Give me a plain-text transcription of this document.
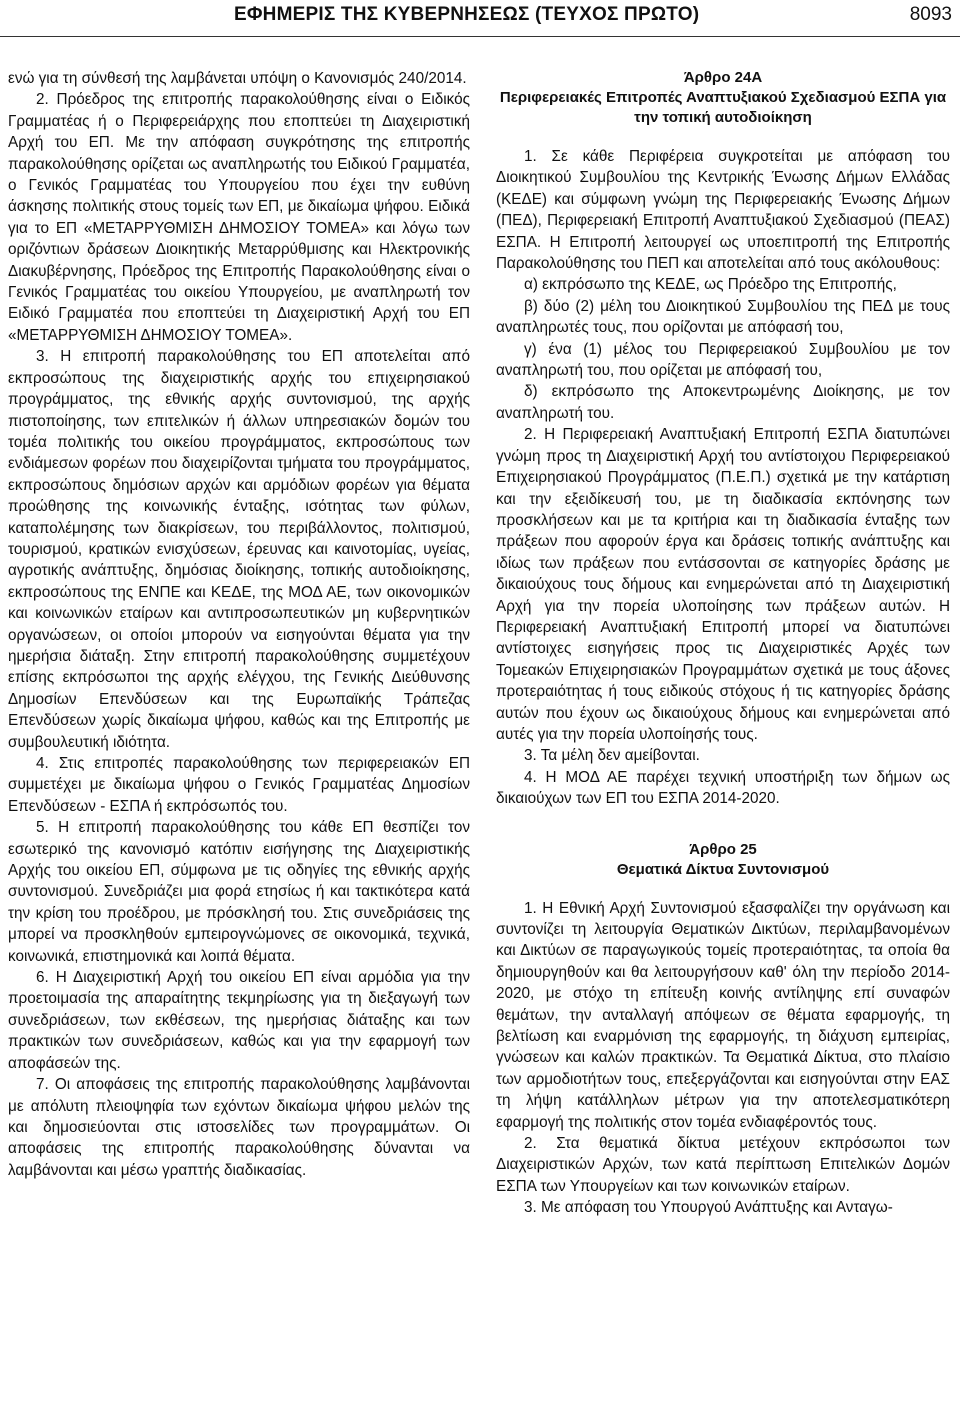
ΕΦΗΜΕΡΙΣ ΤΗΣ ΚΥΒΕΡΝΗΣΕΩΣ (ΤΕΥΧΟΣ ΠΡΩΤΟ)	8093

ενώ για τη σύνθεσή της λαμβάνεται υπόψη ο Κανονισμός 240/2014.

2. Πρόεδρος της επιτροπής παρακολούθησης είναι ο Ειδικός Γραμματέας ή ο Περιφερειάρχης που εποπτεύει τη Διαχειριστική Αρχή του ΕΠ. Με την απόφαση συγκρότησης της επιτροπής παρακολούθησης ορίζεται ως αναπληρωτής του Ειδικού Γραμματέα, ο Γενικός Γραμματέας του Υπουργείου που έχει την ευθύνη άσκησης πολιτικής στους τομείς των ΕΠ, με δικαίωμα ψήφου. Ειδικά για το ΕΠ «ΜΕΤΑΡΡΥΘΜΙΣΗ ΔΗΜΟΣΙΟΥ ΤΟΜΕΑ» και λόγω των οριζόντιων δράσεων Διοικητικής Μεταρρύθμισης και Ηλεκτρονικής Διακυβέρνησης, Πρόεδρος της Επιτροπής Παρακολούθησης είναι ο Γενικός Γραμματέας του οικείου Υπουργείου, με αναπληρωτή τον Ειδικό Γραμματέα που εποπτεύει τη Διαχειριστική Αρχή του ΕΠ «ΜΕΤΑΡΡΥΘΜΙΣΗ ΔΗΜΟΣΙΟΥ ΤΟΜΕΑ».

3. Η επιτροπή παρακολούθησης του ΕΠ αποτελείται από εκπροσώπους της διαχειριστικής αρχής του επιχειρησιακού προγράμματος, της εθνικής αρχής συντονισμού, της αρχής πιστοποίησης, των επιτελικών ή άλλων υπηρεσιακών δομών του τομέα πολιτικής του οικείου προγράμματος, εκπροσώπους των ενδιάμεσων φορέων που διαχειρίζονται τμήματα του προγράμματος, εκπροσώπους δημόσιων αρχών και αρμόδιων φορέων για θέματα προώθησης της κοινωνικής ένταξης, ισότητας των φύλων, καταπολέμησης των διακρίσεων, του περιβάλλοντος, πολιτισμού, τουρισμού, κρατικών ενισχύσεων, έρευνας και καινοτομίας, υγείας, αγροτικής ανάπτυξης, δημόσιας διοίκησης, τοπικής αυτοδιοίκησης, εκπροσώπους της ΕΝΠΕ και ΚΕΔΕ, της ΜΟΔ ΑΕ, των οικονομικών και κοινωνικών εταίρων και αντιπροσωπευτικών μη κυβερνητικών οργανώσεων, οι οποίοι μπορούν να εισηγούνται θέματα για την ημερήσια διάταξη. Στην επιτροπή παρακολούθησης συμμετέχουν επίσης εκπρόσωποι της αρχής ελέγχου, της Γενικής Διεύθυνσης Δημοσίων Επενδύσεων και της Ευρωπαϊκής Τράπεζας Επενδύσεων χωρίς δικαίωμα ψήφου, καθώς και της Επιτροπής με συμβουλευτική ιδιότητα.

4. Στις επιτροπές παρακολούθησης των περιφερειακών ΕΠ συμμετέχει με δικαίωμα ψήφου ο Γενικός Γραμματέας Δημοσίων Επενδύσεων - ΕΣΠΑ ή εκπρόσωπός του.

5. Η επιτροπή παρακολούθησης του κάθε ΕΠ θεσπίζει τον εσωτερικό της κανονισμό κατόπιν εισήγησης της Διαχειριστικής Αρχής του οικείου ΕΠ, σύμφωνα με τις οδηγίες της εθνικής αρχής συντονισμού. Συνεδριάζει μια φορά ετησίως ή και τακτικότερα κατά την κρίση του προέδρου, με πρόσκλησή του. Στις συνεδριάσεις της μπορεί να προσκληθούν εμπειρογνώμονες σε οικονομικά, τεχνικά, κοινωνικά, επιστημονικά και λοιπά θέματα.

6. Η Διαχειριστική Αρχή του οικείου ΕΠ είναι αρμόδια για την προετοιμασία της απαραίτητης τεκμηρίωσης για τη διεξαγωγή των συνεδριάσεων, των εκθέσεων, της ημερήσιας διάταξης και των πρακτικών των συνεδριάσεων, καθώς και για την εφαρμογή των αποφάσεών της.

7. Οι αποφάσεις της επιτροπής παρακολούθησης λαμβάνονται με απόλυτη πλειοψηφία των εχόντων δικαίωμα ψήφου μελών της και δημοσιεύονται στις ιστοσελίδες των προγραμμάτων. Οι αποφάσεις της επιτροπής παρακολούθησης δύνανται να λαμβάνονται και μέσω γραπτής διαδικασίας.

Άρθρο 24Α

Περιφερειακές Επιτροπές Αναπτυξιακού Σχεδιασμού ΕΣΠΑ για την τοπική αυτοδιοίκηση

1. Σε κάθε Περιφέρεια συγκροτείται με απόφαση του Διοικητικού Συμβουλίου της Κεντρικής Ένωσης Δήμων Ελλάδας (ΚΕΔΕ) και σύμφωνη γνώμη της Περιφερειακής Ένωσης Δήμων (ΠΕΔ), Περιφερειακή Επιτροπή Αναπτυξιακού Σχεδιασμού (ΠΕΑΣ) ΕΣΠΑ. Η Επιτροπή λειτουργεί ως υποεπιτροπή της Επιτροπής Παρακολούθησης του ΠΕΠ και αποτελείται από τους ακόλουθους:

α) εκπρόσωπο της ΚΕΔΕ, ως Πρόεδρο της Επιτροπής,

β) δύο (2) μέλη του Διοικητικού Συμβουλίου της ΠΕΔ με τους αναπληρωτές τους, που ορίζονται με απόφασή του,

γ) ένα (1) μέλος του Περιφερειακού Συμβουλίου με τον αναπληρωτή του, που ορίζεται με απόφασή του,

δ) εκπρόσωπο της Αποκεντρωμένης Διοίκησης, με τον αναπληρωτή του.

2. Η Περιφερειακή Αναπτυξιακή Επιτροπή ΕΣΠΑ διατυπώνει γνώμη προς τη Διαχειριστική Αρχή του αντίστοιχου Περιφερειακού Επιχειρησιακού Προγράμματος (Π.Ε.Π.) σχετικά με την κατάρτιση και την εξειδίκευσή του, με τη διαδικασία εκπόνησης των προσκλήσεων και με τα κριτήρια και τη διαδικασία ένταξης των πράξεων που αφορούν έργα και δράσεις τοπικής ανάπτυξης και ιδίως των πράξεων που εντάσσονται σε κατηγορίες δράσης με δικαιούχους τους δήμους και ενημερώνεται από τη Διαχειριστική Αρχή για την πορεία υλοποίησης των πράξεων αυτών. Η Περιφερειακή Αναπτυξιακή Επιτροπή μπορεί να διατυπώνει αντίστοιχες εισηγήσεις προς τις Διαχειριστικές Αρχές των Τομεακών Επιχειρησιακών Προγραμμάτων σχετικά με τους άξονες προτεραιότητας ή τους ειδικούς στόχους ή τις κατηγορίες δράσης αυτών που έχουν ως δικαιούχους δήμους και ενημερώνεται από αυτές για την πορεία υλοποίησής τους.

3. Τα μέλη δεν αμείβονται.

4. Η ΜΟΔ ΑΕ παρέχει τεχνική υποστήριξη των δήμων ως δικαιούχων των ΕΠ του ΕΣΠΑ 2014-2020.

Άρθρο 25

Θεματικά Δίκτυα Συντονισμού

1. Η Εθνική Αρχή Συντονισμού εξασφαλίζει την οργάνωση και συντονίζει τη λειτουργία Θεματικών Δικτύων, περιλαμβανομένων και Δικτύων σε παραγωγικούς τομείς προτεραιότητας, τα οποία θα δημιουργηθούν και θα λειτουργήσουν καθ' όλη την περίοδο 2014-2020, με στόχο τη επίτευξη κοινής αντίληψης επί συναφών θεμάτων, την ανταλλαγή απόψεων σε θέματα εφαρμογής, τη βελτίωση και εναρμόνιση της εφαρμογής, τη διάχυση εμπειρίας, γνώσεων και καλών πρακτικών. Τα Θεματικά Δίκτυα, στο πλαίσιο των αρμοδιοτήτων τους, επεξεργάζονται και εισηγούνται στην ΕΑΣ τη λήψη κατάλληλων μέτρων για την αποτελεσματικότερη εφαρμογή της πολιτικής στον τομέα ενδιαφέροντός τους.

2. Στα θεματικά δίκτυα μετέχουν εκπρόσωποι των Διαχειριστικών Αρχών, των κατά περίπτωση Επιτελικών Δομών ΕΣΠΑ των Υπουργείων και των κοινωνικών εταίρων.

3. Με απόφαση του Υπουργού Ανάπτυξης και Ανταγω-
